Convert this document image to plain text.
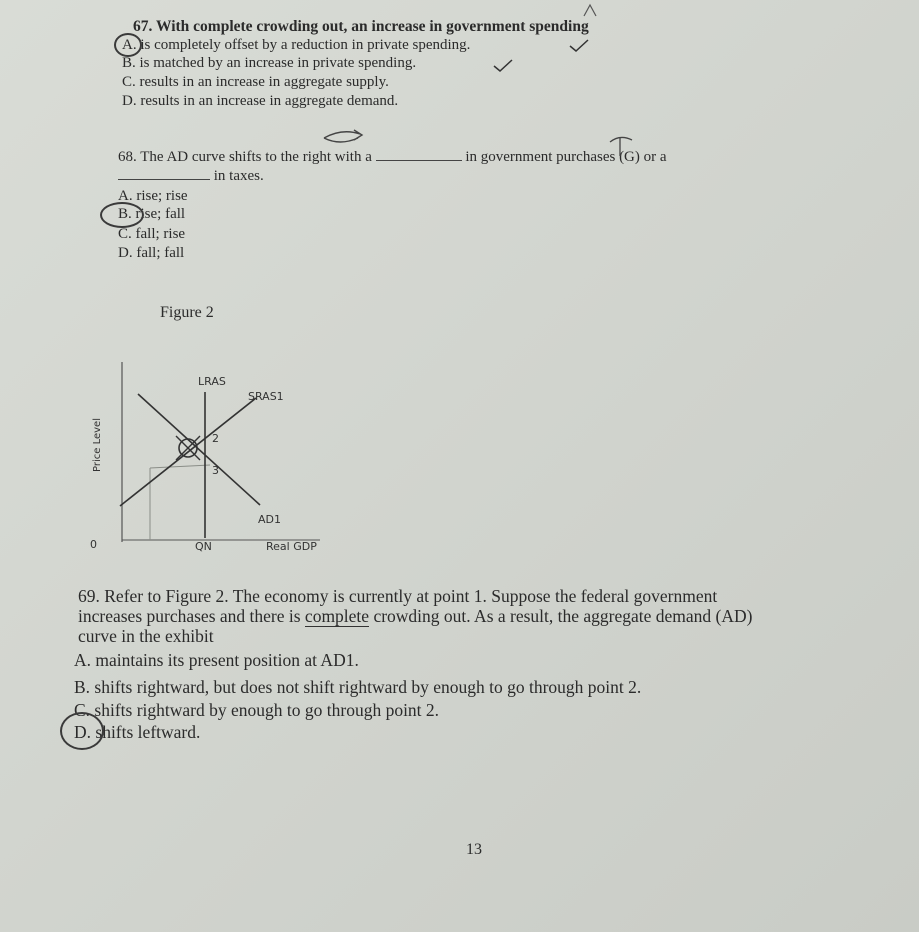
67. With complete crowding out, an increase in government spending
A. is completely offset by a reduction in private spending.
B. is matched by an increase in private spending.
C. results in an increase in aggregate supply.
D. results in an increase in aggregate demand.
68. The AD curve shifts to the right with a	in government purchases (G) or a
in taxes.
A. rise; rise
B. rise; fall
C. fall; rise
D. fall; fall
Figure 2
LRAS
SRAS1
AD1
2
3
0	QN	Real GDP
Price Level
69. Refer to Figure 2. The economy is currently at point 1. Suppose the federal government
increases purchases and there is complete crowding out. As a result, the aggregate demand (AD)
curve in the exhibit
A. maintains its present position at AD1.
B. shifts rightward, but does not shift rightward by enough to go through point 2.
C. shifts rightward by enough to go through point 2.
D. shifts leftward.
13
